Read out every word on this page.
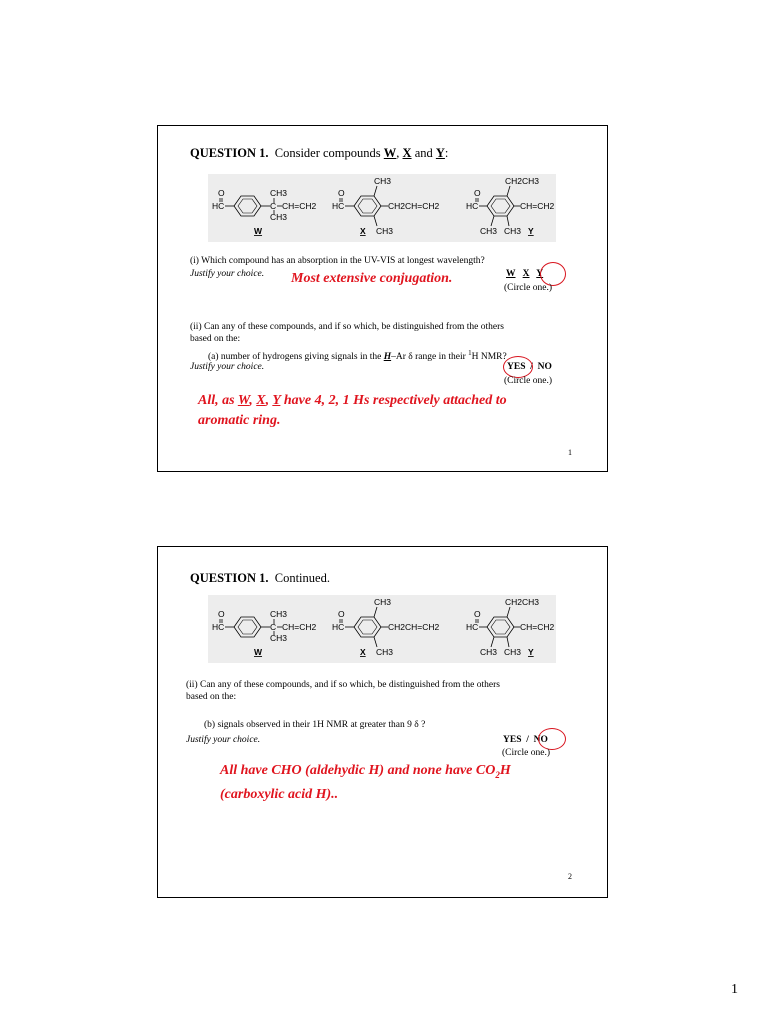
QUESTION 1. Consider compounds W, X and Y:
O
HC
CH3
C CH=CH2
CH3
W
O
HC
CH3
CH2CH=CH2
CH3
X
O
HC
CH2CH3
CH=CH2
CH3 CH3 Y
(i) Which compound has an absorption in the UV-VIS at longest wavelength?
Justify your choice. Most extensive conjugation.	W X Y
(Circle one.)
(ii) Can any of these compounds, and if so which, be distinguished from the others
based on the:
(a) number of hydrogens giving signals in the H–Ar δ range in their $^1$H NMR?
Justify your choice.	YES / NO
(Circle one.)
All, as W, X, Y have 4, 2, 1 Hs respectively attached to
aromatic ring.
1
QUESTION 1. Continued.
O
HC
CH3
C CH=CH2
CH3
W
O
HC
CH3
CH2CH=CH2
CH3
X
O
HC
CH2CH3
CH=CH2
CH3 CH3 Y
(ii) Can any of these compounds, and if so which, be distinguished from the others
based on the:
(b) signals observed in their 1H NMR at greater than 9 δ ?
Justify your choice.	YES / NO
(Circle one.)
All have CHO (aldehydic H) and none have $CO_2H$
(carboxylic acid H)..
2
1
